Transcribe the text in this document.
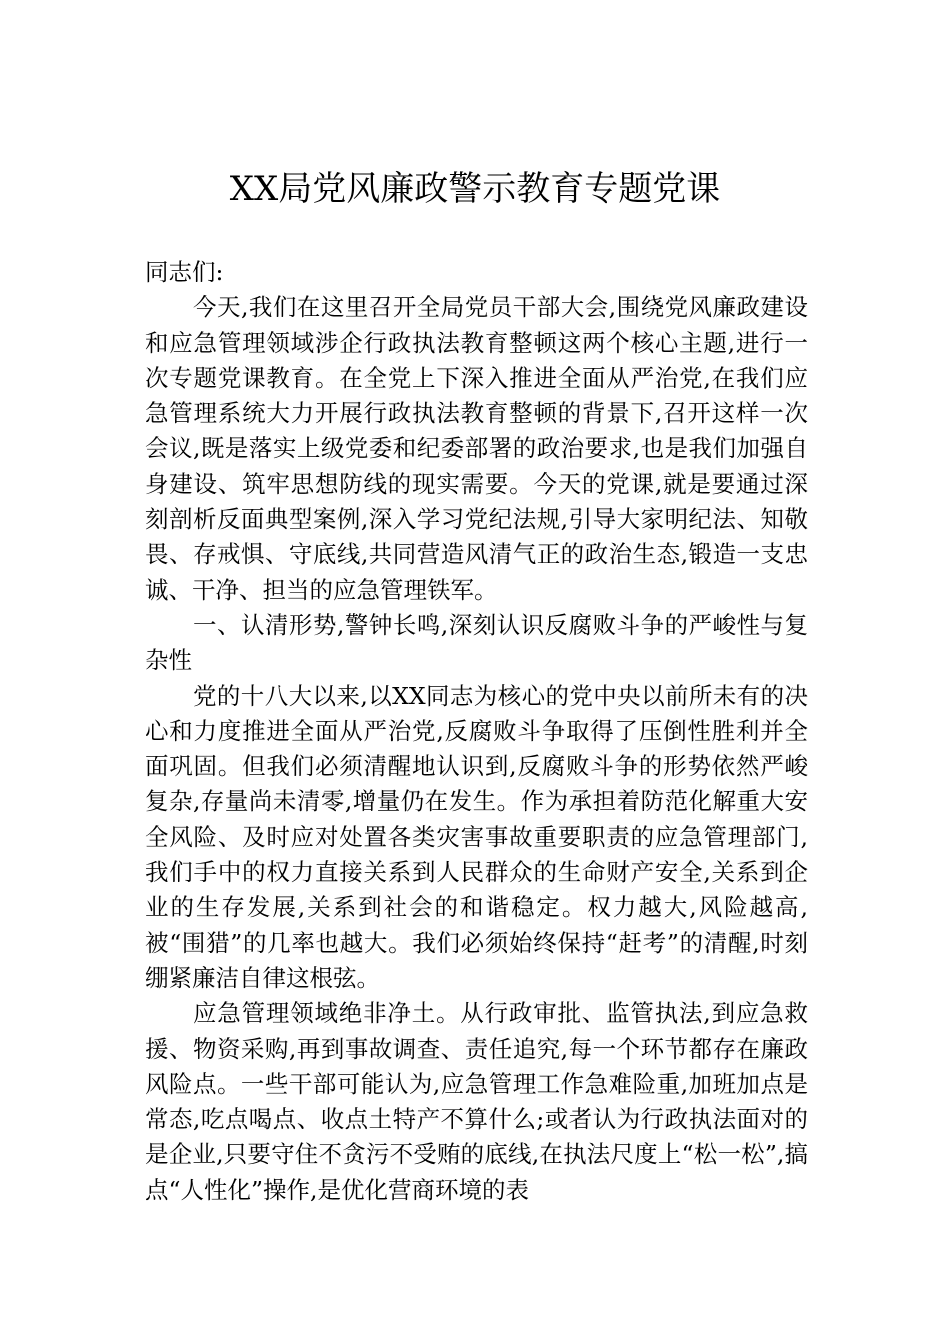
XX局党风廉政警示教育专题党课

同志们:

今天,我们在这里召开全局党员干部大会,围绕党风廉政建设和应急管理领域涉企行政执法教育整顿这两个核心主题,进行一次专题党课教育。在全党上下深入推进全面从严治党,在我们应急管理系统大力开展行政执法教育整顿的背景下,召开这样一次会议,既是落实上级党委和纪委部署的政治要求,也是我们加强自身建设、筑牢思想防线的现实需要。今天的党课,就是要通过深刻剖析反面典型案例,深入学习党纪法规,引导大家明纪法、知敬畏、存戒惧、守底线,共同营造风清气正的政治生态,锻造一支忠诚、干净、担当的应急管理铁军。

一、认清形势,警钟长鸣,深刻认识反腐败斗争的严峻性与复杂性

党的十八大以来,以XX同志为核心的党中央以前所未有的决心和力度推进全面从严治党,反腐败斗争取得了压倒性胜利并全面巩固。但我们必须清醒地认识到,反腐败斗争的形势依然严峻复杂,存量尚未清零,增量仍在发生。作为承担着防范化解重大安全风险、及时应对处置各类灾害事故重要职责的应急管理部门,我们手中的权力直接关系到人民群众的生命财产安全,关系到企业的生存发展,关系到社会的和谐稳定。权力越大,风险越高,被“围猎”的几率也越大。我们必须始终保持“赶考”的清醒,时刻绷紧廉洁自律这根弦。

应急管理领域绝非净土。从行政审批、监管执法,到应急救援、物资采购,再到事故调查、责任追究,每一个环节都存在廉政风险点。一些干部可能认为,应急管理工作急难险重,加班加点是常态,吃点喝点、收点土特产不算什么;或者认为行政执法面对的是企业,只要守住不贪污不受贿的底线,在执法尺度上“松一松”,搞点“人性化”操作,是优化营商环境的表
